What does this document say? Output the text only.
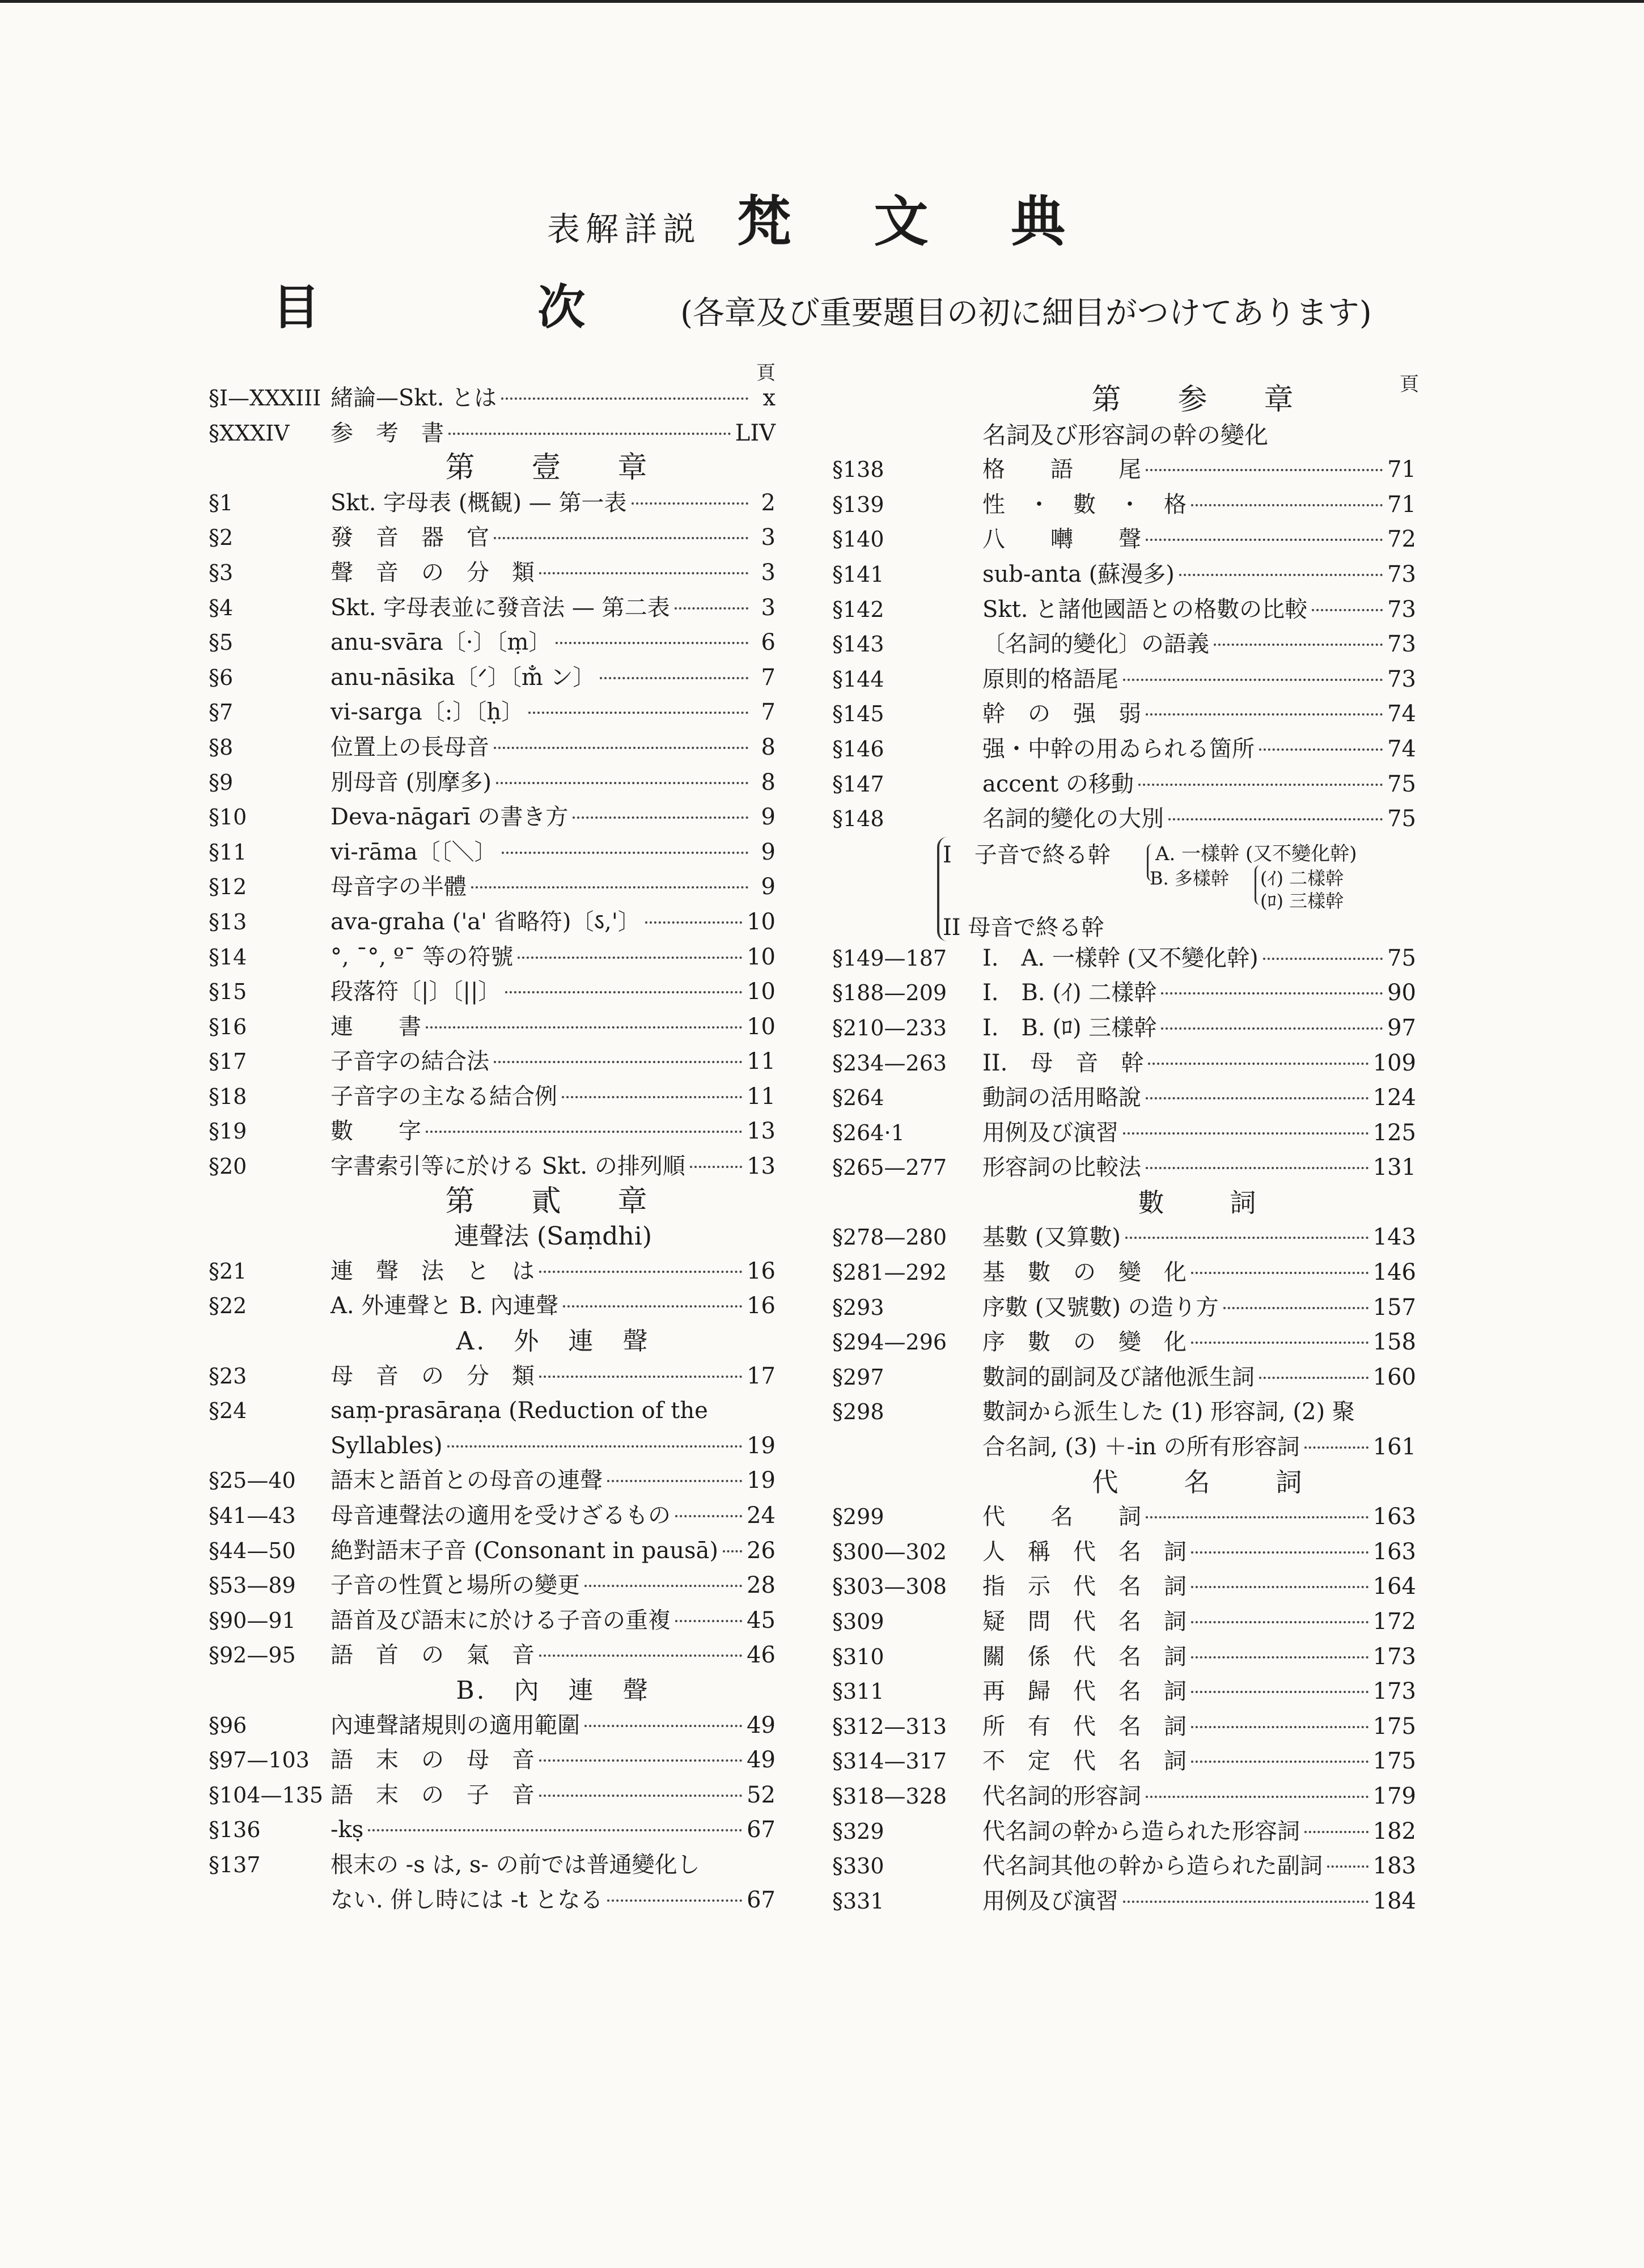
表解詳説 梵 文 典
目　次 (各章及び重要題目の初に細目がつけてあります)
頁
§Ⅰ—XXXIII 緒論—Skt. とは	x
§XXXIV 参　考　書	LIV
第　壹　章
§1	Skt. 字母表 (概観) — 第一表	2
§2	發　音　器　官	3
§3	聲　音　の　分　類	3
§4	Skt. 字母表並に發音法 — 第二表	3
§5	anu-svāra〔·〕〔ṃ〕	6
§6	anu-nāsika〔ᐟ〕〔m̐ ン〕	7
§7	vi-sarga〔:〕〔ḥ〕	7
§8	位置上の長母音	8
§9	別母音 (別摩多)	8
§10	Deva-nāgarī の書き方	9
§11	vi-rāma〔〔＼〕	9
§12	母音字の半體	9
§13	ava-graha ('a' 省略符)〔ऽ,'〕	10
§14	°, ˉ°, ºˉ 等の符號	10
§15	段落符〔|〕〔||〕	10
§16	連　　書	10
§17	子音字の結合法	11
§18	子音字の主なる結合例	11
§19	數　　字	13
§20	字書索引等に於ける Skt. の排列順	13
第　貳　章
連聲法 (Saṃdhi)
§21	連　聲　法　と　は	16
§22	A. 外連聲と B. 內連聲	16
A.　外　連　聲
§23	母　音　の　分　類	17
§24	saṃ-prasāraṇa (Reduction of the
Syllables)	19
§25—40 語末と語首との母音の連聲	19
§41—43 母音連聲法の適用を受けざるもの	24
§44—50 絶對語末子音 (Consonant in pausā) 26
§53—89 子音の性質と場所の變更	28
§90—91 語首及び語末に於ける子音の重複	45
§92—95 語　首　の　氣　音	46
B.　內　連　聲
§96	內連聲諸規則の適用範圍	49
§97—103 語　末　の　母　音	49
§104—135 語　末　の　子　音	52
§136	-kṣ	67
§137	根末の -s は, s- の前では普通變化し
ない. 併し時には -t となる	67
頁
第　参　章
名詞及び形容詞の幹の變化
§138	格　　語　　尾	71
§139	性　・　數　・　格	71
§140	八　　囀　　聲	72
§141	sub-anta (蘇漫多)	73
§142	Skt. と諸他國語との格數の比較	73
§143	〔名詞的變化〕の語義	73
§144	原則的格語尾	73
§145	幹　の　强　弱	74
§146	强・中幹の用ゐられる箇所	74
§147	accent の移動	75
§148	名詞的變化の大別	75
I　子音で終る幹 A. 一樣幹 (又不變化幹)
B. 多樣幹 (ｲ) 二樣幹
(ﾛ) 三樣幹
II 母音で終る幹
§149—187 I.　A. 一樣幹 (又不變化幹)	75
§188—209 I.　B. (ｲ) 二樣幹	90
§210—233 I.　B. (ﾛ) 三樣幹	97
§234—263 II.　母　音　幹	109
§264	動詞の活用略說	124
§264·1	用例及び演習	125
§265—277 形容詞の比較法	131
數　　詞
§278—280 基數 (又算數)	143
§281—292 基　數　の　變　化	146
§293	序數 (又號數) の造り方	157
§294—296 序　數　の　變　化	158
§297	數詞的副詞及び諸他派生詞	160
§298	數詞から派生した (1) 形容詞, (2) 聚
合名詞, (3) ＋-in の所有形容詞	161
代　　名　　詞
§299	代　　名　　詞	163
§300—302 人　稱　代　名　詞	163
§303—308 指　示　代　名　詞	164
§309	疑　問　代　名　詞	172
§310	關　係　代　名　詞	173
§311	再　歸　代　名　詞	173
§312—313 所　有　代　名　詞	175
§314—317 不　定　代　名　詞	175
§318—328 代名詞的形容詞	179
§329	代名詞の幹から造られた形容詞	182
§330	代名詞其他の幹から造られた副詞 183
§331	用例及び演習	184
